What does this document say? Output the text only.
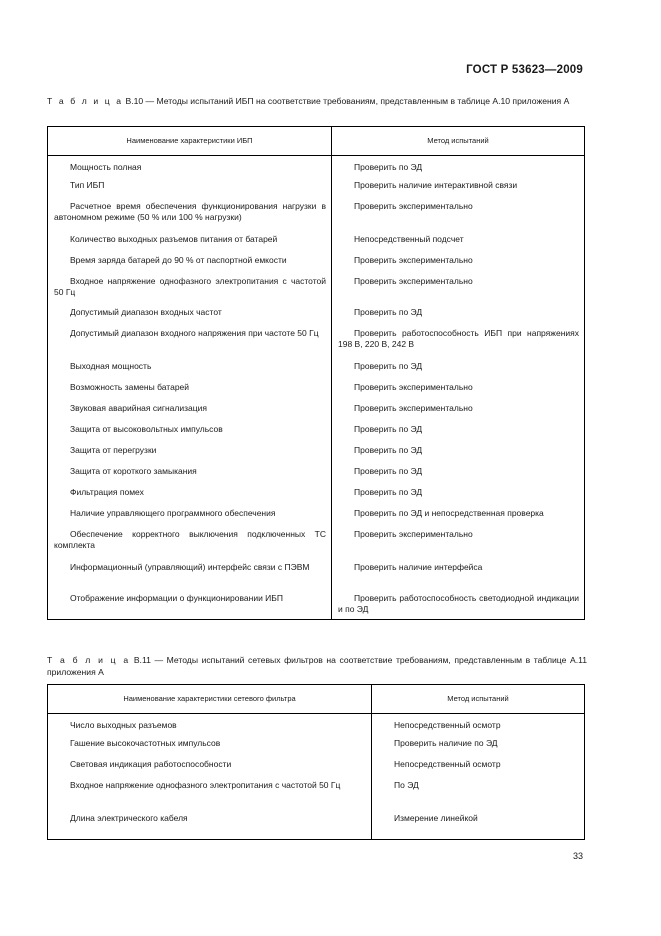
ГОСТ Р 53623—2009
Т а б л и ц а В.10 — Методы испытаний ИБП на соответствие требованиям, представленным в таблице А.10 приложения А
Наименование характеристики ИБП	Метод испытаний

Мощность полная	Проверить по ЭД

Тип ИБП	Проверить наличие интерактивной связи

Расчетное время обеспечения функционирования нагрузки в автономном режиме (50 % или 100 % нагрузки)	Проверить экспериментально

Количество выходных разъемов питания от батарей	Непосредственный подсчет

Время заряда батарей до 90 % от паспортной емкости	Проверить экспериментально

Входное напряжение однофазного электропитания с частотой 50 Гц	Проверить экспериментально

Допустимый диапазон входных частот	Проверить по ЭД

Допустимый диапазон входного напряжения при частоте 50 Гц	Проверить работоспособность ИБП при напряжениях 198 В, 220 В, 242 В

Выходная мощность	Проверить по ЭД

Возможность замены батарей	Проверить экспериментально

Звуковая аварийная сигнализация	Проверить экспериментально

Защита от высоковольтных импульсов	Проверить по ЭД

Защита от перегрузки	Проверить по ЭД

Защита от короткого замыкания	Проверить по ЭД

Фильтрация помех	Проверить по ЭД

Наличие управляющего программного обеспечения	Проверить по ЭД и непосредственная проверка

Обеспечение корректного выключения подключенных ТС комплекта	Проверить экспериментально

Информационный (управляющий) интерфейс связи с ПЭВМ	Проверить наличие интерфейса

Отображение информации о функционировании ИБП	Проверить работоспособность светодиодной индикации и по ЭД
Т а б л и ц а В.11 — Методы испытаний сетевых фильтров на соответствие требованиям, представленным в таблице А.11 приложения А
Наименование характеристики сетевого фильтра	Метод испытаний

Число выходных разъемов	Непосредственный осмотр

Гашение высокочастотных импульсов	Проверить наличие по ЭД

Световая индикация работоспособности	Непосредственный осмотр

Входное напряжение однофазного электропитания с частотой 50 Гц	По ЭД

Длина электрического кабеля	Измерение линейкой
33
